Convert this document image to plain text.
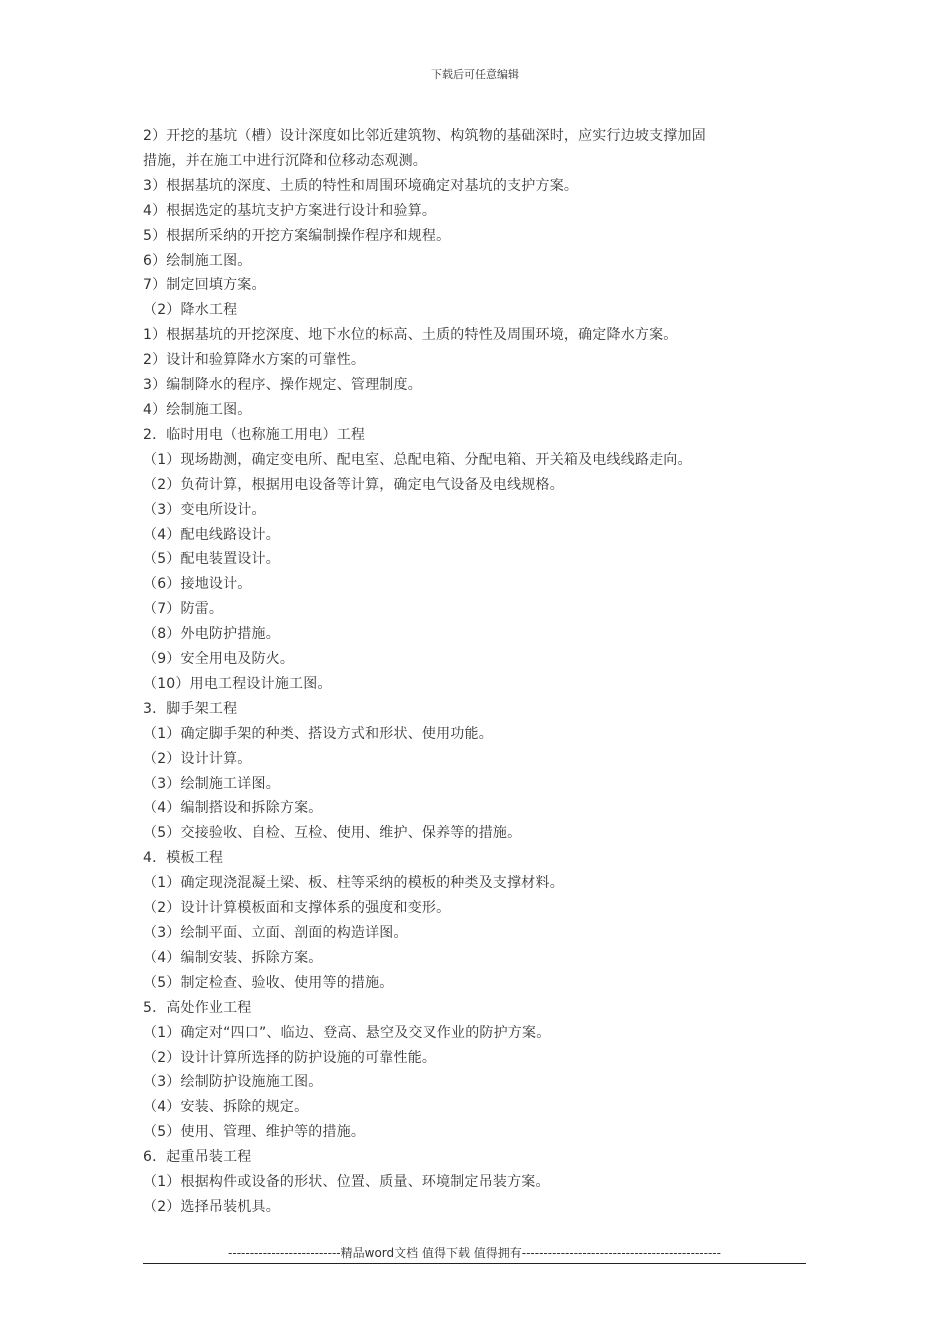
下载后可任意编辑
2）开挖的基坑（槽）设计深度如比邻近建筑物、构筑物的基础深时，应实行边坡支撑加固
措施，并在施工中进行沉降和位移动态观测。
3）根据基坑的深度、土质的特性和周围环境确定对基坑的支护方案。
4）根据选定的基坑支护方案进行设计和验算。
5）根据所采纳的开挖方案编制操作程序和规程。
6）绘制施工图。
7）制定回填方案。
（2）降水工程
1）根据基坑的开挖深度、地下水位的标高、土质的特性及周围环境，确定降水方案。
2）设计和验算降水方案的可靠性。
3）编制降水的程序、操作规定、管理制度。
4）绘制施工图。
2．临时用电（也称施工用电）工程
（1）现场勘测，确定变电所、配电室、总配电箱、分配电箱、开关箱及电线线路走向。
（2）负荷计算，根据用电设备等计算，确定电气设备及电线规格。
（3）变电所设计。
（4）配电线路设计。
（5）配电装置设计。
（6）接地设计。
（7）防雷。
（8）外电防护措施。
（9）安全用电及防火。
（10）用电工程设计施工图。
3．脚手架工程
（1）确定脚手架的种类、搭设方式和形状、使用功能。
（2）设计计算。
（3）绘制施工详图。
（4）编制搭设和拆除方案。
（5）交接验收、自检、互检、使用、维护、保养等的措施。
4．模板工程
（1）确定现浇混凝土梁、板、柱等采纳的模板的种类及支撑材料。
（2）设计计算模板面和支撑体系的强度和变形。
（3）绘制平面、立面、剖面的构造详图。
（4）编制安装、拆除方案。
（5）制定检查、验收、使用等的措施。
5．高处作业工程
（1）确定对“四口”、临边、登高、悬空及交叉作业的防护方案。
（2）设计计算所选择的防护设施的可靠性能。
（3）绘制防护设施施工图。
（4）安装、拆除的规定。
（5）使用、管理、维护等的措施。
6．起重吊装工程
（1）根据构件或设备的形状、位置、质量、环境制定吊装方案。
（2）选择吊装机具。
--------------------------精品word文档 值得下载 值得拥有----------------------------------------------
